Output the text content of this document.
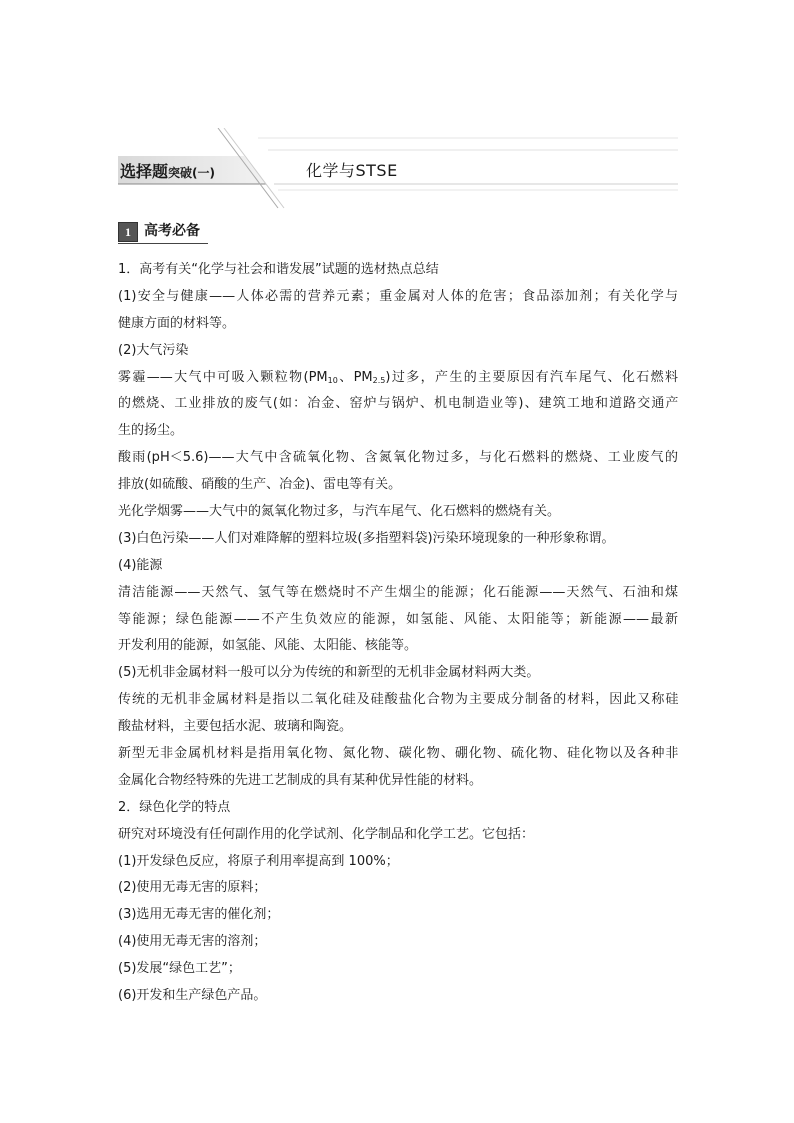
选择题突破(一)	化学与STSE
1 高考必备
1．高考有关“化学与社会和谐发展”试题的选材热点总结
(1)安全与健康——人体必需的营养元素；重金属对人体的危害；食品添加剂；有关化学与
健康方面的材料等。
(2)大气污染
雾霾——大气中可吸入颗粒物($PM_{10}$、$PM_{2.5}$)过多，产生的主要原因有汽车尾气、化石燃料
的燃烧、工业排放的废气(如：冶金、窑炉与锅炉、机电制造业等)、建筑工地和道路交通产
生的扬尘。
酸雨(pH＜5.6)——大气中含硫氧化物、含氮氧化物过多，与化石燃料的燃烧、工业废气的
排放(如硫酸、硝酸的生产、冶金)、雷电等有关。
光化学烟雾——大气中的氮氧化物过多，与汽车尾气、化石燃料的燃烧有关。
(3)白色污染——人们对难降解的塑料垃圾(多指塑料袋)污染环境现象的一种形象称谓。
(4)能源
清洁能源——天然气、氢气等在燃烧时不产生烟尘的能源；化石能源——天然气、石油和煤
等能源；绿色能源——不产生负效应的能源，如氢能、风能、太阳能等；新能源——最新
开发利用的能源，如氢能、风能、太阳能、核能等。
(5)无机非金属材料一般可以分为传统的和新型的无机非金属材料两大类。
传统的无机非金属材料是指以二氧化硅及硅酸盐化合物为主要成分制备的材料，因此又称硅
酸盐材料，主要包括水泥、玻璃和陶瓷。
新型无非金属机材料是指用氧化物、氮化物、碳化物、硼化物、硫化物、硅化物以及各种非
金属化合物经特殊的先进工艺制成的具有某种优异性能的材料。
2．绿色化学的特点
研究对环境没有任何副作用的化学试剂、化学制品和化学工艺。它包括：
(1)开发绿色反应，将原子利用率提高到 100%；
(2)使用无毒无害的原料；
(3)选用无毒无害的催化剂；
(4)使用无毒无害的溶剂；
(5)发展“绿色工艺”；
(6)开发和生产绿色产品。
